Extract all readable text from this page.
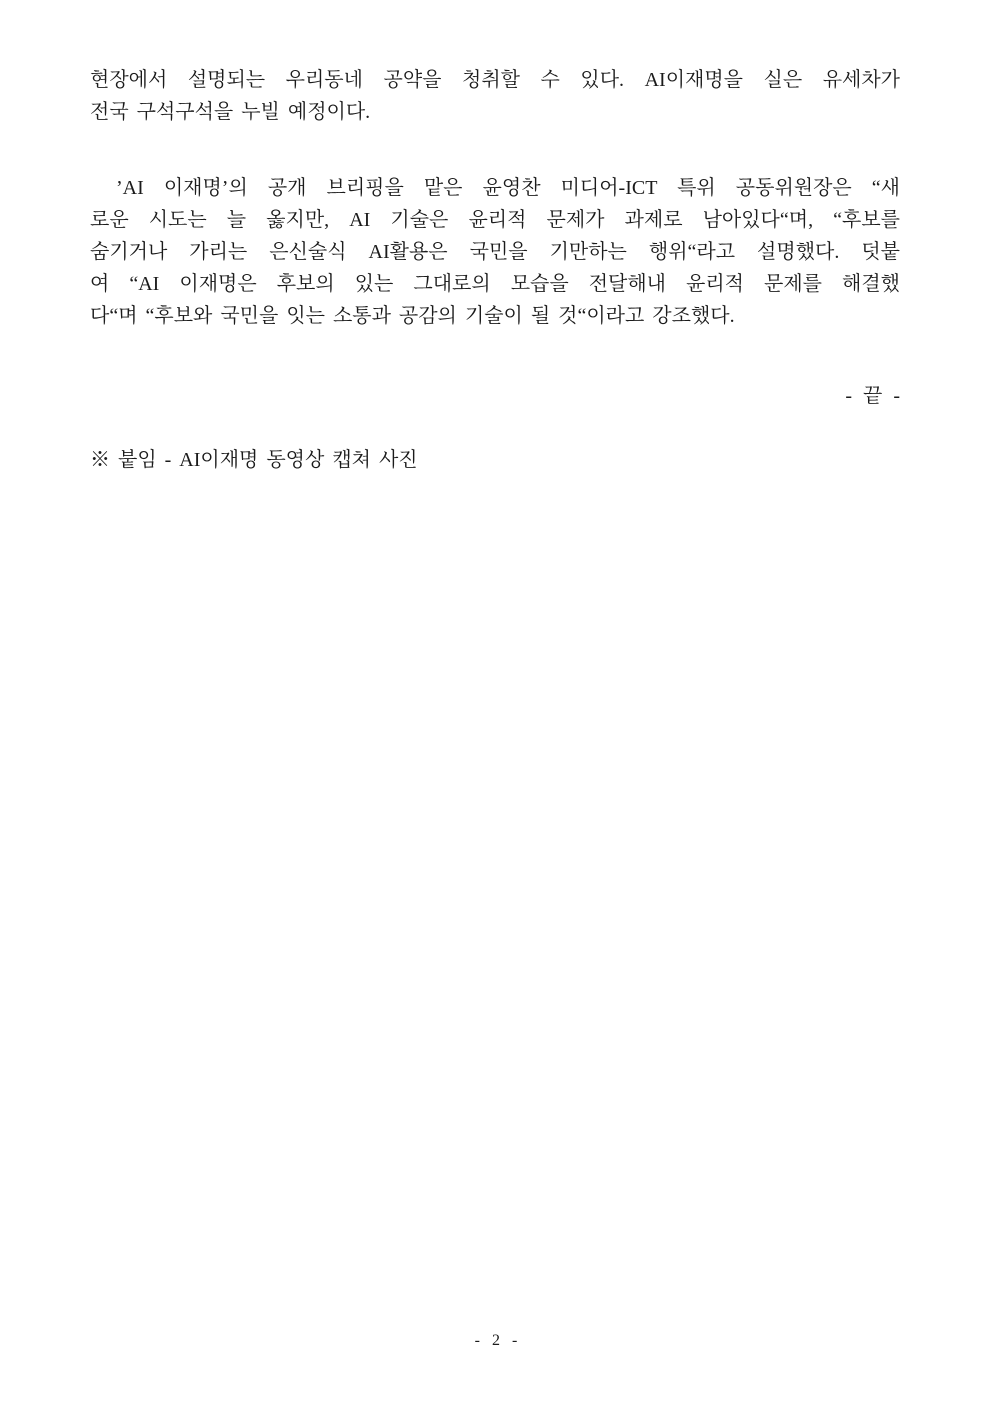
현장에서 설명되는 우리동네 공약을 청취할 수 있다. AI이재명을 실은 유세차가
전국 구석구석을 누빌 예정이다.
’AI 이재명’의 공개 브리핑을 맡은 윤영찬 미디어-ICT 특위 공동위원장은 “새
로운 시도는 늘 옳지만, AI 기술은 윤리적 문제가 과제로 남아있다“며, “후보를
숨기거나 가리는 은신술식 AI활용은 국민을 기만하는 행위“라고 설명했다. 덧붙
여 “AI 이재명은 후보의 있는 그대로의 모습을 전달해내 윤리적 문제를 해결했
다“며 “후보와 국민을 잇는 소통과 공감의 기술이 될 것“이라고 강조했다.
- 끝 -
※ 붙임 - AI이재명 동영상 캡쳐 사진
- 2 -
